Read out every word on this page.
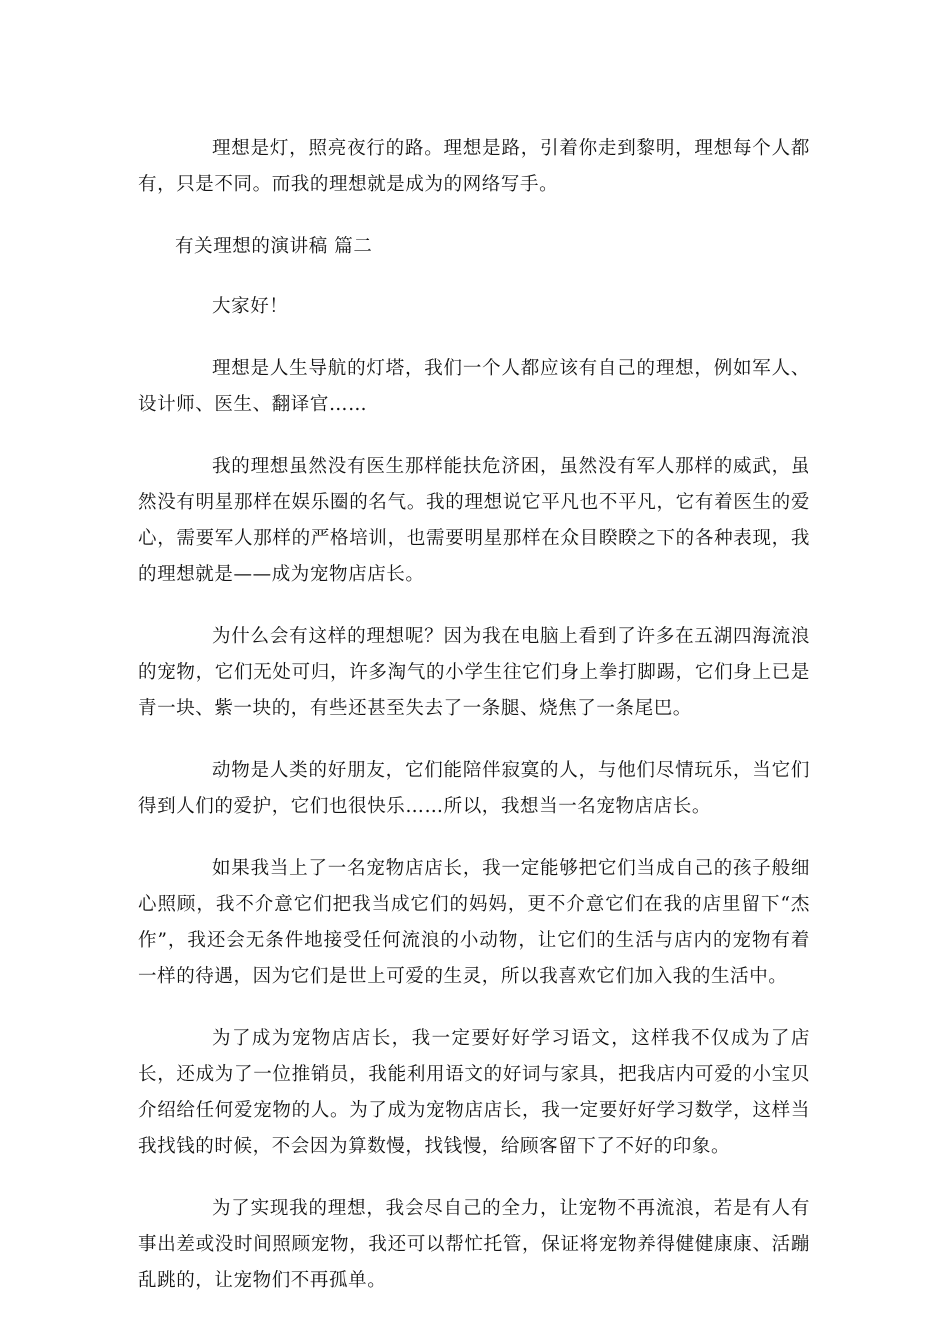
理想是灯，照亮夜行的路。理想是路，引着你走到黎明，理想每个人都有，只是不同。而我的理想就是成为的网络写手。

有关理想的演讲稿 篇二

大家好！

理想是人生导航的灯塔，我们一个人都应该有自己的理想，例如军人、设计师、医生、翻译官……

我的理想虽然没有医生那样能扶危济困，虽然没有军人那样的威武，虽然没有明星那样在娱乐圈的名气。我的理想说它平凡也不平凡，它有着医生的爱心，需要军人那样的严格培训，也需要明星那样在众目睽睽之下的各种表现，我的理想就是——成为宠物店店长。

为什么会有这样的理想呢？因为我在电脑上看到了许多在五湖四海流浪的宠物，它们无处可归，许多淘气的小学生往它们身上拳打脚踢，它们身上已是青一块、紫一块的，有些还甚至失去了一条腿、烧焦了一条尾巴。

动物是人类的好朋友，它们能陪伴寂寞的人，与他们尽情玩乐，当它们得到人们的爱护，它们也很快乐……所以，我想当一名宠物店店长。

如果我当上了一名宠物店店长，我一定能够把它们当成自己的孩子般细心照顾，我不介意它们把我当成它们的妈妈，更不介意它们在我的店里留下“杰作”，我还会无条件地接受任何流浪的小动物，让它们的生活与店内的宠物有着一样的待遇，因为它们是世上可爱的生灵，所以我喜欢它们加入我的生活中。

为了成为宠物店店长，我一定要好好学习语文，这样我不仅成为了店长，还成为了一位推销员，我能利用语文的好词与家具，把我店内可爱的小宝贝介绍给任何爱宠物的人。为了成为宠物店店长，我一定要好好学习数学，这样当我找钱的时候，不会因为算数慢，找钱慢，给顾客留下了不好的印象。

为了实现我的理想，我会尽自己的全力，让宠物不再流浪，若是有人有事出差或没时间照顾宠物，我还可以帮忙托管，保证将宠物养得健健康康、活蹦乱跳的，让宠物们不再孤单。
